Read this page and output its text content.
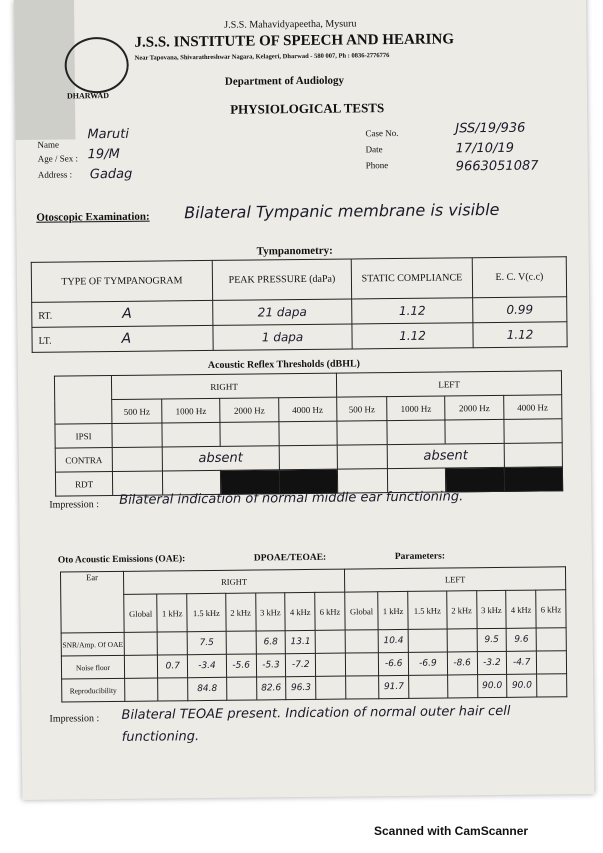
DHARWAD
J.S.S. Mahavidyapeetha, Mysuru
J.S.S. INSTITUTE OF SPEECH AND HEARING
Near Tapovana, Shivarathreshwar Nagara, Kelageri, Dharwad - 580 007, Ph : 0836-2776776
Department of Audiology
PHYSIOLOGICAL TESTS
Name
Maruti
Age / Sex : 19/M
Address : Gadag
Case No.	JSS/19/936
Date	17/10/19
Phone	9663051087
Otoscopic Examination: Bilateral Tympanic membrane is visible
Tympanometry:
TYPE OF TYMPANOGRAM	PEAK PRESSURE (daPa)	STATIC COMPLIANCE	E. C. V(c.c)
RT. A	21 dapa	1.12	0.99
LT. A	1 dapa	1.12	1.12
Acoustic Reflex Thresholds (dBHL)
	RIGHT				LEFT			
	500 Hz	1000 Hz	2000 Hz	4000 Hz	500 Hz	1000 Hz	2000 Hz	4000 Hz
IPSI								
CONTRA		absent				absent		
RDT								
Impression : Bilateral indication of normal middle ear functioning.
Oto Acoustic Emissions (OAE):	DPOAE/TEOAE:	Parameters:
Ear	RIGHT							LEFT						
	Global	1 kHz	1.5 kHz	2 kHz	3 kHz	4 kHz	6 kHz	Global	1 kHz	1.5 kHz	2 kHz	3 kHz	4 kHz	6 kHz
SNR/Amp. Of OAE			7.5		6.8	13.1			10.4			9.5	9.6	
Noise floor		0.7	-3.4	-5.6	-5.3	-7.2			-6.6	-6.9	-8.6	-3.2	-4.7	
Reproducibility			84.8		82.6	96.3			91.7			90.0	90.0	
Impression : Bilateral TEOAE present. Indication of normal outer hair cell functioning.
Scanned with CamScanner
